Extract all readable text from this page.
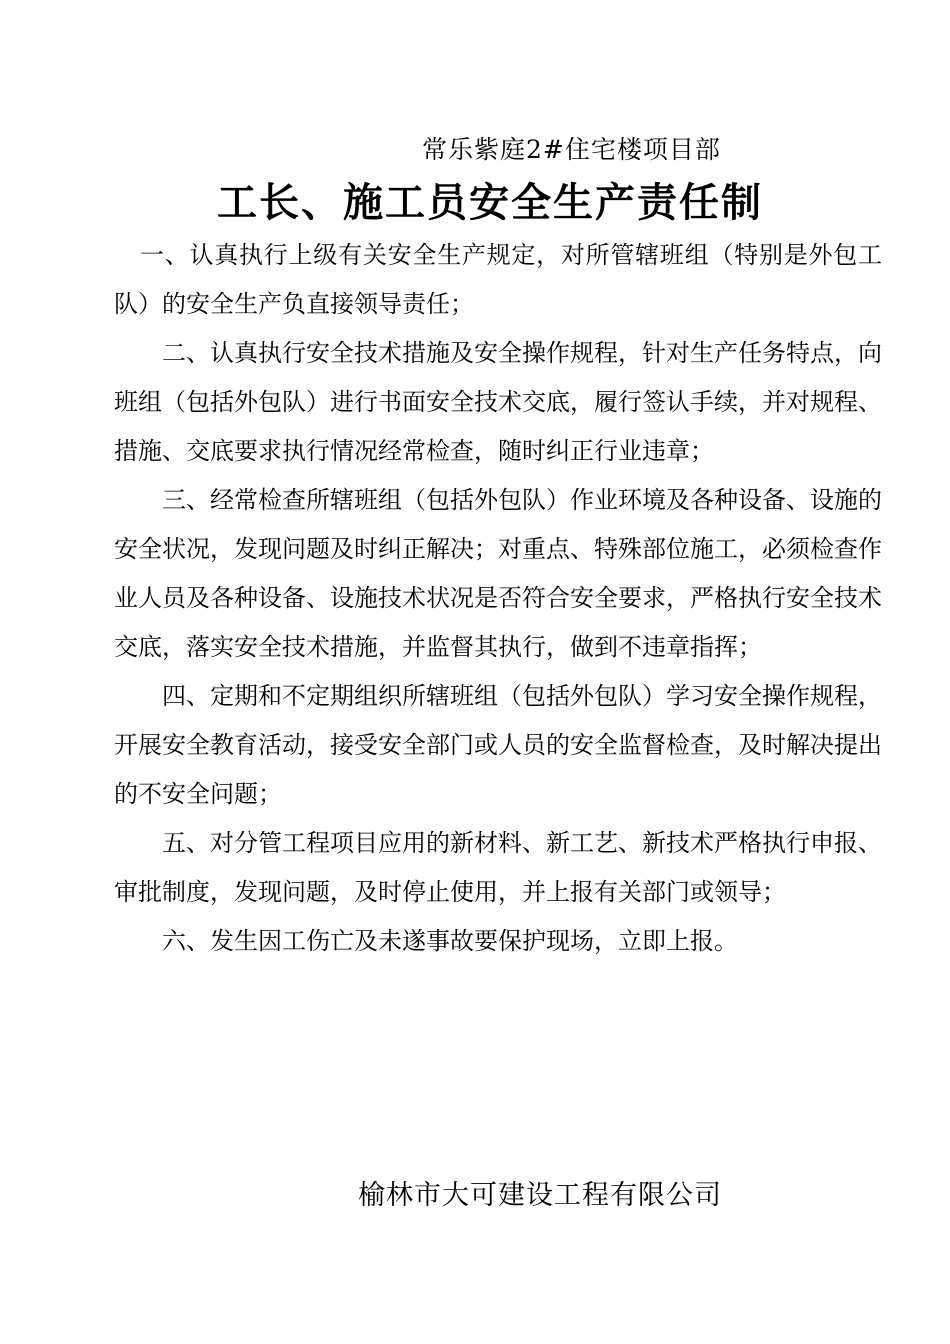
常乐紫庭2#住宅楼项目部
工长、施工员安全生产责任制

一、认真执行上级有关安全生产规定，对所管辖班组（特别是外包工队）的安全生产负直接领导责任；

二、认真执行安全技术措施及安全操作规程，针对生产任务特点，向班组（包括外包队）进行书面安全技术交底，履行签认手续，并对规程、措施、交底要求执行情况经常检查，随时纠正行业违章；

三、经常检查所辖班组（包括外包队）作业环境及各种设备、设施的安全状况，发现问题及时纠正解决；对重点、特殊部位施工，必须检查作业人员及各种设备、设施技术状况是否符合安全要求，严格执行安全技术交底，落实安全技术措施，并监督其执行，做到不违章指挥；

四、定期和不定期组织所辖班组（包括外包队）学习安全操作规程，开展安全教育活动，接受安全部门或人员的安全监督检查，及时解决提出的不安全问题；

五、对分管工程项目应用的新材料、新工艺、新技术严格执行申报、审批制度，发现问题，及时停止使用，并上报有关部门或领导；

六、发生因工伤亡及未遂事故要保护现场，立即上报。

榆林市大可建设工程有限公司
